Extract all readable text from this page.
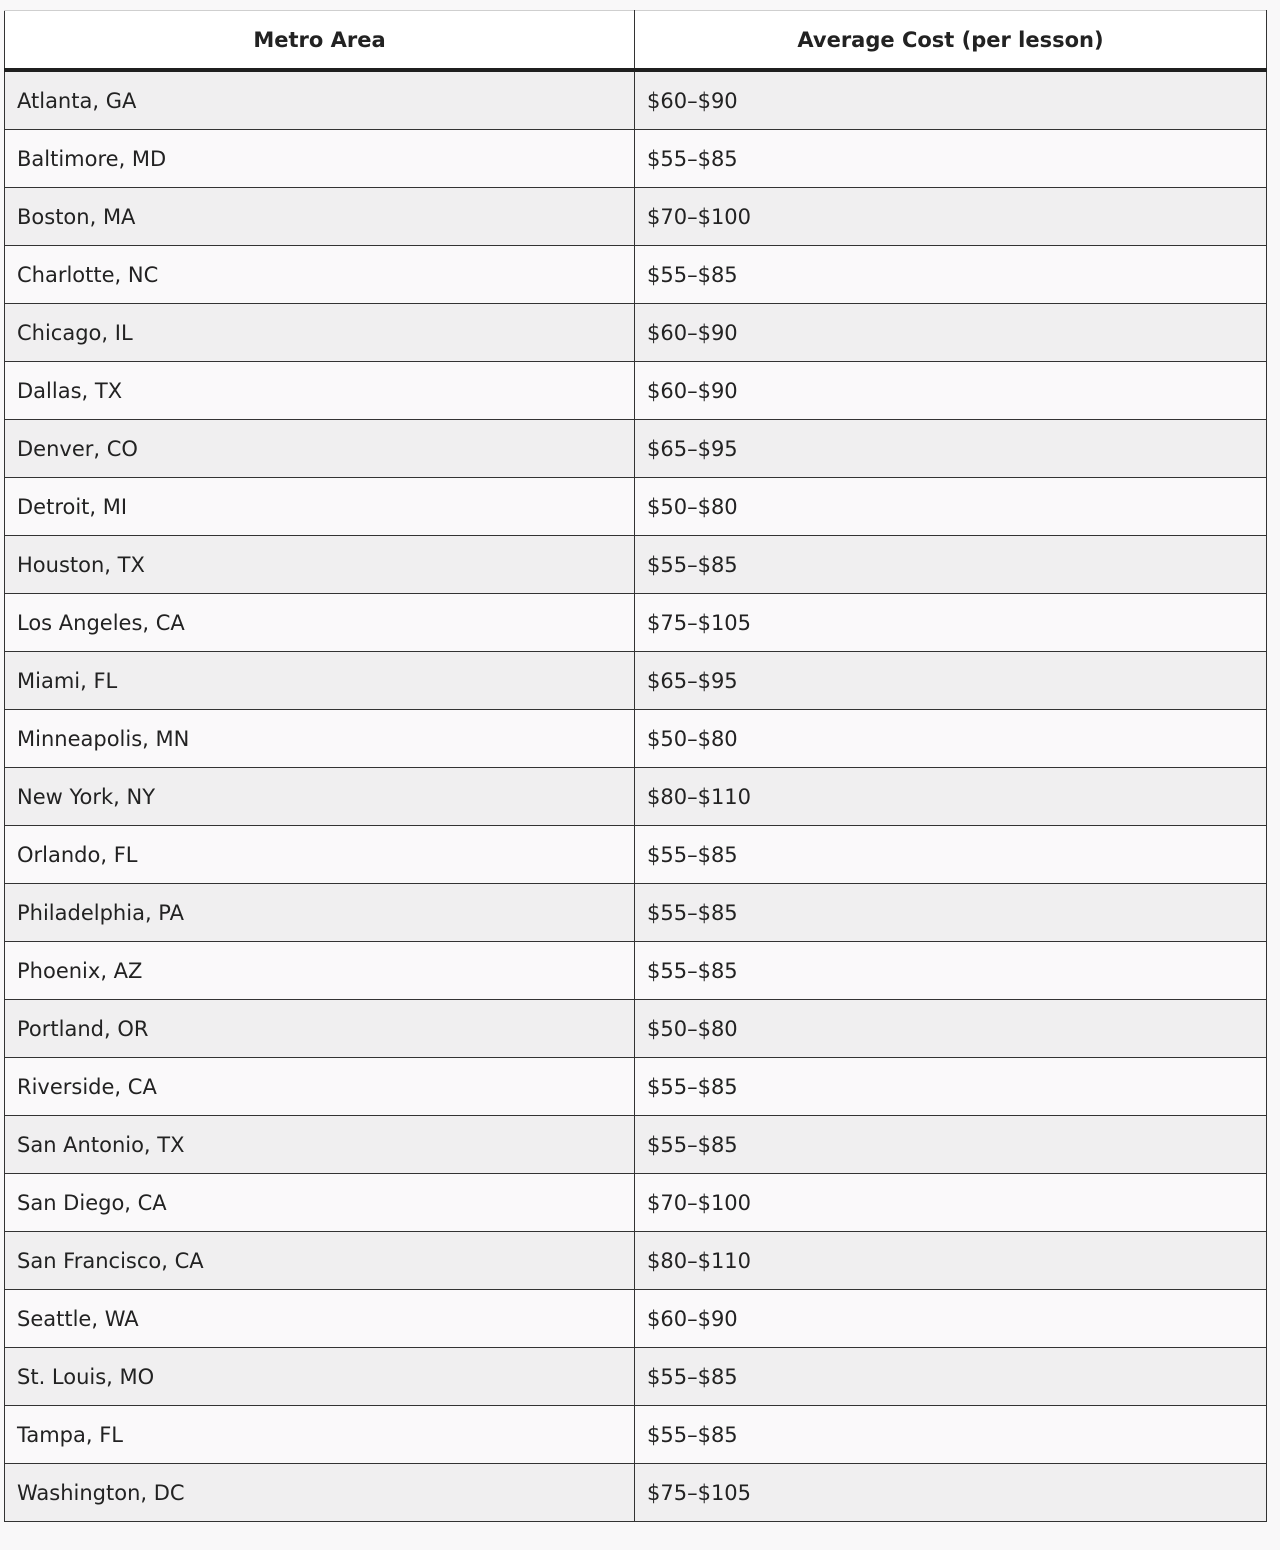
Metro Area	Average Cost (per lesson)
Atlanta, GA	$60–$90
Baltimore, MD	$55–$85
Boston, MA	$70–$100
Charlotte, NC	$55–$85
Chicago, IL	$60–$90
Dallas, TX	$60–$90
Denver, CO	$65–$95
Detroit, MI	$50–$80
Houston, TX	$55–$85
Los Angeles, CA	$75–$105
Miami, FL	$65–$95
Minneapolis, MN	$50–$80
New York, NY	$80–$110
Orlando, FL	$55–$85
Philadelphia, PA	$55–$85
Phoenix, AZ	$55–$85
Portland, OR	$50–$80
Riverside, CA	$55–$85
San Antonio, TX	$55–$85
San Diego, CA	$70–$100
San Francisco, CA	$80–$110
Seattle, WA	$60–$90
St. Louis, MO	$55–$85
Tampa, FL	$55–$85
Washington, DC	$75–$105
